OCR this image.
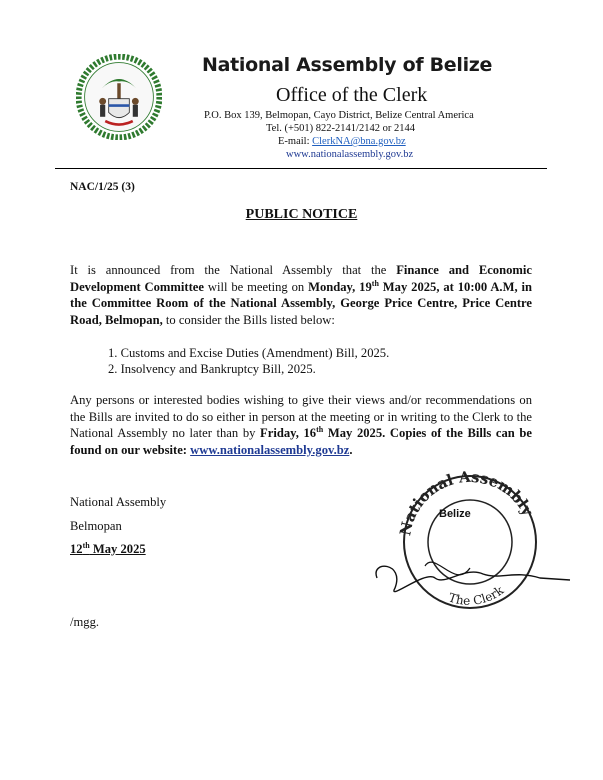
National Assembly of Belize
Office of the Clerk
P.O. Box 139, Belmopan, Cayo District, Belize Central America
Tel. (+501) 822-2141/2142 or 2144
E-mail: ClerkNA@bna.gov.bz
www.nationalassembly.gov.bz
NAC/1/25 (3)
PUBLIC NOTICE
It is announced from the National Assembly that the Finance and Economic Development Committee will be meeting on Monday, 19th May 2025, at 10:00 A.M, in the Committee Room of the National Assembly, George Price Centre, Price Centre Road, Belmopan, to consider the Bills listed below:
1. Customs and Excise Duties (Amendment) Bill, 2025.
2. Insolvency and Bankruptcy Bill, 2025.
Any persons or interested bodies wishing to give their views and/or recommendations on the Bills are invited to do so either in person at the meeting or in writing to the Clerk to the National Assembly no later than by Friday, 16th May 2025. Copies of the Bills can be found on our website: www.nationalassembly.gov.bz.
National Assembly
Belmopan
12th May 2025
/mgg.
National Assembly
The Clerk
Belize
